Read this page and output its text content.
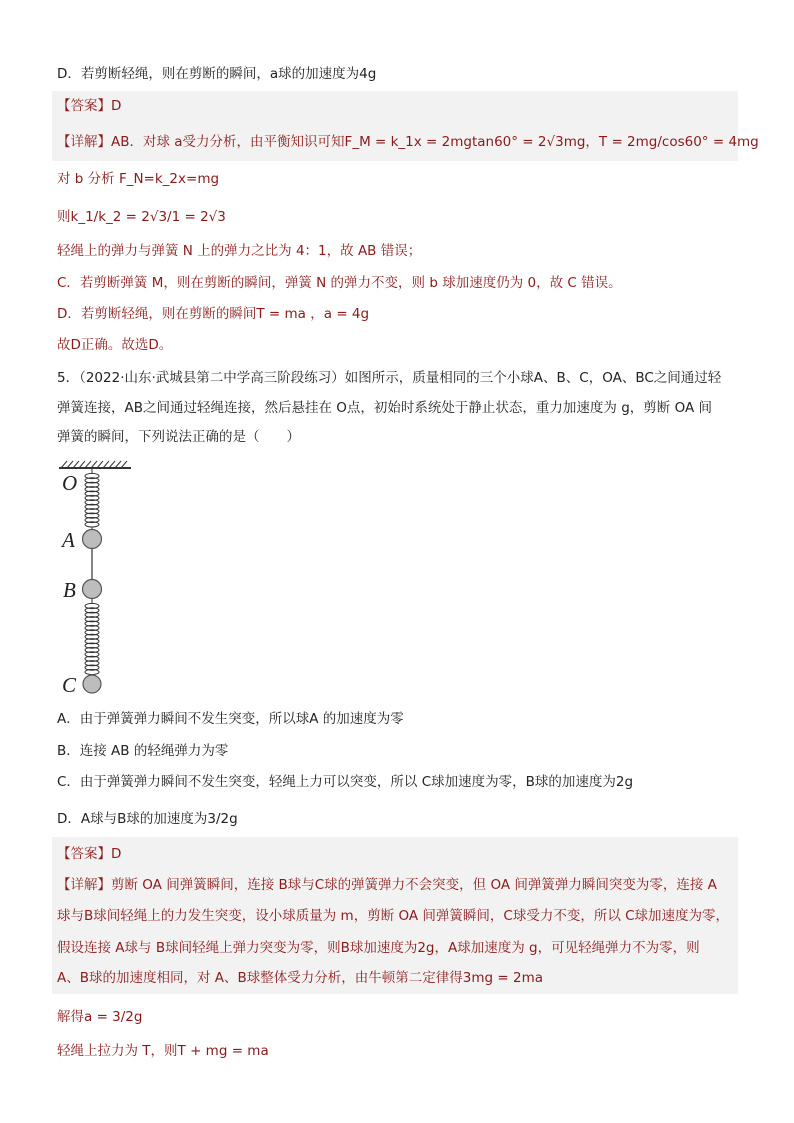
D．若剪断轻绳，则在剪断的瞬间，a球的加速度为4g
【答案】D
【详解】AB．对球 a受力分析，由平衡知识可知F_M = k_1x = 2mgtan60° = 2√3mg，T = 2mg/cos60° = 4mg
对 b 分析 F_N=k_2x=mg
则k_1/k_2 = 2√3/1 = 2√3
轻绳上的弹力与弹簧 N 上的弹力之比为 4：1，故 AB 错误；
C．若剪断弹簧 M，则在剪断的瞬间，弹簧 N 的弹力不变，则 b 球加速度仍为 0，故 C 错误。
D．若剪断轻绳，则在剪断的瞬间T = ma ，a = 4g
故D正确。故选D。
5．（2022·山东·武城县第二中学高三阶段练习）如图所示，质量相同的三个小球A、B、C，OA、BC之间通过轻
弹簧连接，AB之间通过轻绳连接，然后悬挂在 O点，初始时系统处于静止状态，重力加速度为 g，剪断 OA 间
弹簧的瞬间，下列说法正确的是（　　）
O
A
B
C
A．由于弹簧弹力瞬间不发生突变，所以球A 的加速度为零
B．连接 AB 的轻绳弹力为零
C．由于弹簧弹力瞬间不发生突变，轻绳上力可以突变，所以 C球加速度为零，B球的加速度为2g
D．A球与B球的加速度为3/2g
【答案】D
【详解】剪断 OA 间弹簧瞬间，连接 B球与C球的弹簧弹力不会突变，但 OA 间弹簧弹力瞬间突变为零，连接 A
球与B球间轻绳上的力发生突变，设小球质量为 m，剪断 OA 间弹簧瞬间，C球受力不变，所以 C球加速度为零，
假设连接 A球与 B球间轻绳上弹力突变为零，则B球加速度为2g，A球加速度为 g，可见轻绳弹力不为零，则
A、B球的加速度相同，对 A、B球整体受力分析，由牛顿第二定律得3mg = 2ma
解得a = 3/2g
轻绳上拉力为 T，则T + mg = ma
